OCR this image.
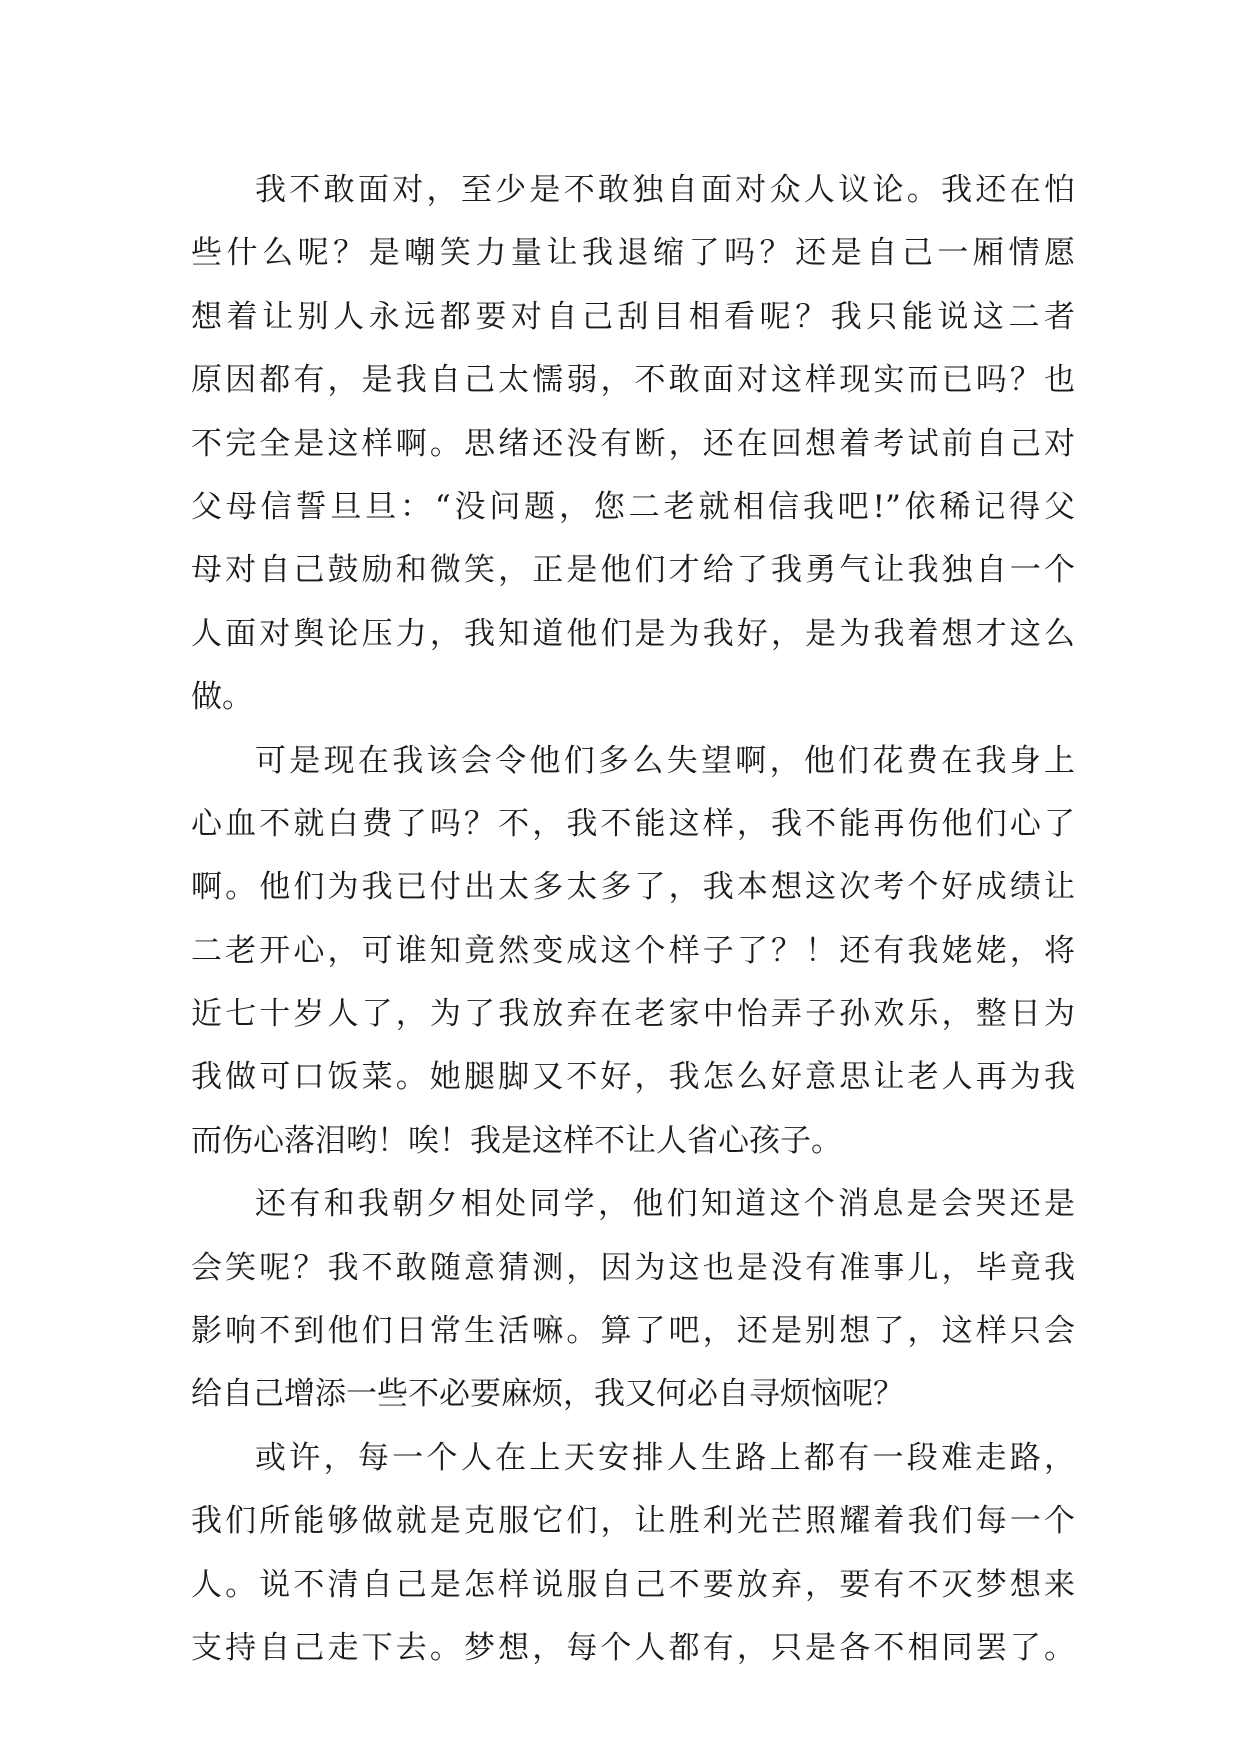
我不敢面对，至少是不敢独自面对众人议论。我还在怕
些什么呢？是嘲笑力量让我退缩了吗？还是自己一厢情愿
想着让别人永远都要对自己刮目相看呢？我只能说这二者
原因都有，是我自己太懦弱，不敢面对这样现实而已吗？也
不完全是这样啊。思绪还没有断，还在回想着考试前自己对
父母信誓旦旦：“没问题，您二老就相信我吧!”依稀记得父
母对自己鼓励和微笑，正是他们才给了我勇气让我独自一个
人面对舆论压力，我知道他们是为我好，是为我着想才这么
做。
可是现在我该会令他们多么失望啊，他们花费在我身上
心血不就白费了吗？不，我不能这样，我不能再伤他们心了
啊。他们为我已付出太多太多了，我本想这次考个好成绩让
二老开心，可谁知竟然变成这个样子了？！还有我姥姥，将
近七十岁人了，为了我放弃在老家中怡弄子孙欢乐，整日为
我做可口饭菜。她腿脚又不好，我怎么好意思让老人再为我
而伤心落泪哟！唉！我是这样不让人省心孩子。
还有和我朝夕相处同学，他们知道这个消息是会哭还是
会笑呢？我不敢随意猜测，因为这也是没有准事儿，毕竟我
影响不到他们日常生活嘛。算了吧，还是别想了，这样只会
给自己增添一些不必要麻烦，我又何必自寻烦恼呢？
或许，每一个人在上天安排人生路上都有一段难走路，
我们所能够做就是克服它们，让胜利光芒照耀着我们每一个
人。说不清自己是怎样说服自己不要放弃，要有不灭梦想来
支持自己走下去。梦想，每个人都有，只是各不相同罢了。
